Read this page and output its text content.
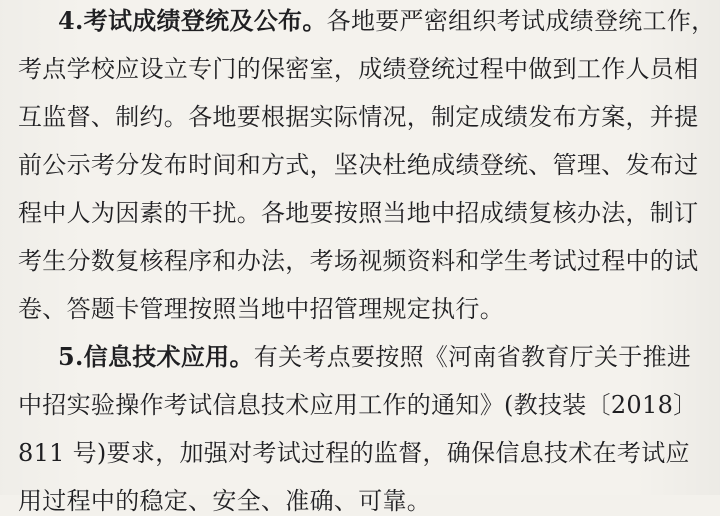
4.考试成绩登统及公布。各地要严密组织考试成绩登统工作，
考点学校应设立专门的保密室，成绩登统过程中做到工作人员相
互监督、制约。各地要根据实际情况，制定成绩发布方案，并提
前公示考分发布时间和方式，坚决杜绝成绩登统、管理、发布过
程中人为因素的干扰。各地要按照当地中招成绩复核办法，制订
考生分数复核程序和办法，考场视频资料和学生考试过程中的试
卷、答题卡管理按照当地中招管理规定执行。
5.信息技术应用。有关考点要按照《河南省教育厅关于推进
中招实验操作考试信息技术应用工作的通知》(教技装〔2018〕
811 号)要求，加强对考试过程的监督，确保信息技术在考试应
用过程中的稳定、安全、准确、可靠。
